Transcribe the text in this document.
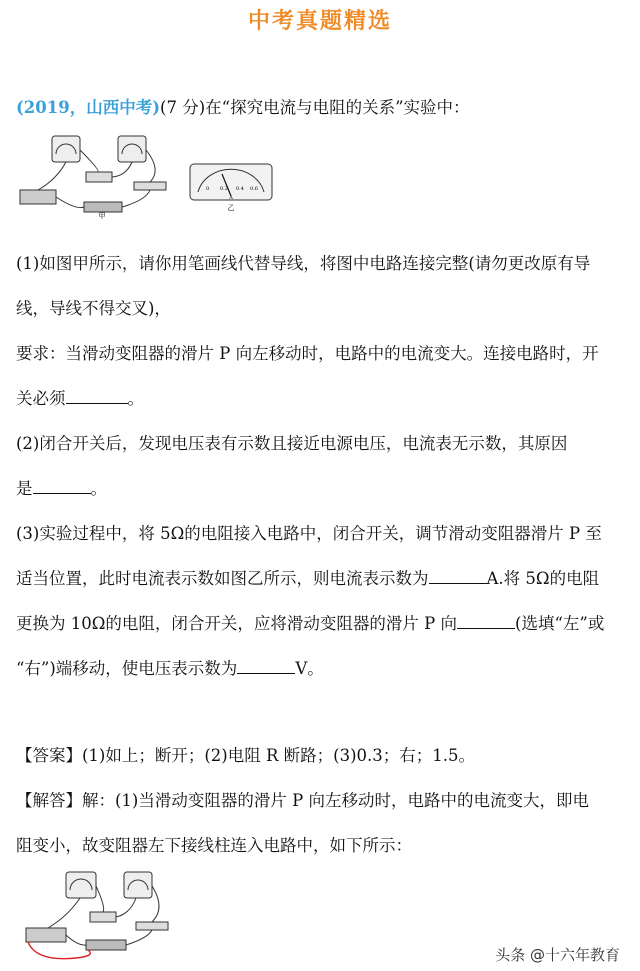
中考真题精选
(2019，山西中考)(7 分)在“探究电流与电阻的关系”实验中：
甲
0 0.2 0.4 0.6
A
乙
(1)如图甲所示，请你用笔画线代替导线，将图中电路连接完整(请勿更改原有导
线，导线不得交叉)，
要求：当滑动变阻器的滑片 P 向左移动时，电路中的电流变大。连接电路时，开
关必须	。
(2)闭合开关后，发现电压表有示数且接近电源电压，电流表无示数，其原因
是	。
(3)实验过程中，将 5Ω的电阻接入电路中，闭合开关，调节滑动变阻器滑片 P 至
适当位置，此时电流表示数如图乙所示，则电流表示数为	A.将 5Ω的电阻
更换为 10Ω的电阻，闭合开关，应将滑动变阻器的滑片 P 向	(选填“左”或
“右”)端移动，使电压表示数为	V。
【答案】(1)如上；断开；(2)电阻 R 断路；(3)0.3；右；1.5。
【解答】解：(1)当滑动变阻器的滑片 P 向左移动时，电路中的电流变大，即电
阻变小，故变阻器左下接线柱连入电路中，如下所示：
头条 @十六年教育
